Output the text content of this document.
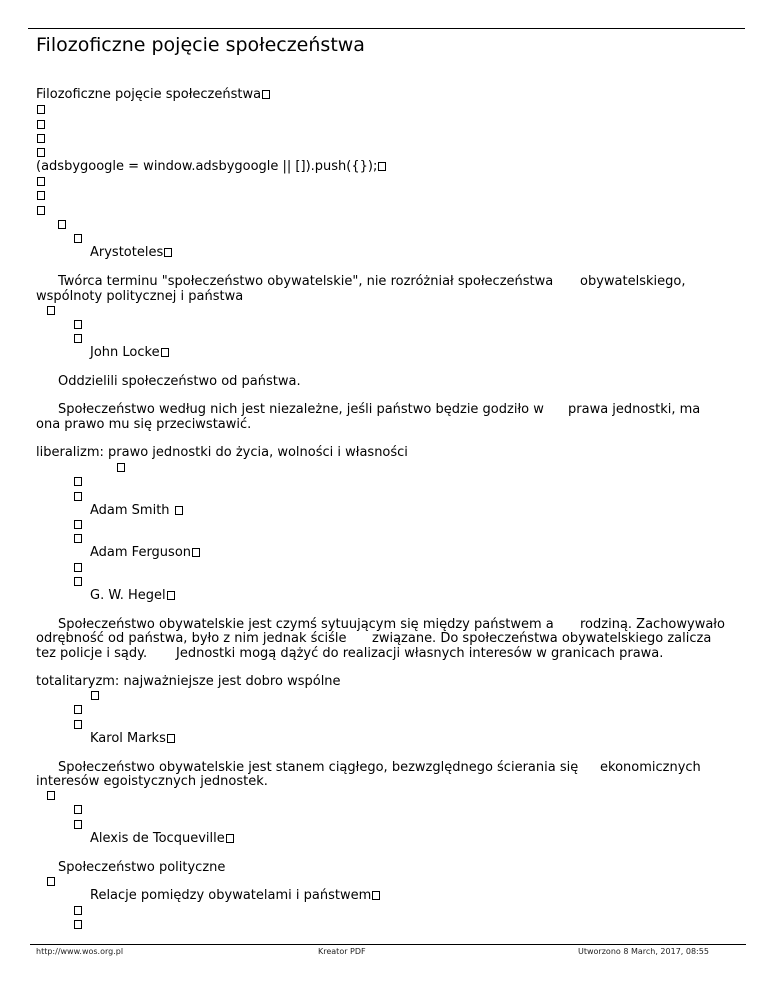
Filozoficzne pojęcie społeczeństwa
Filozoficzne pojęcie społeczeństwa
(adsbygoogle = window.adsbygoogle || []).push({});
Arystoteles
Twórca terminu "społeczeństwo obywatelskie", nie rozróżniał społeczeństwa obywatelskiego,
wspólnoty politycznej i państwa
John Locke
Oddzielili społeczeństwo od państwa.
Społeczeństwo według nich jest niezależne, jeśli państwo będzie godziło w prawa jednostki, ma
ona prawo mu się przeciwstawić.
liberalizm: prawo jednostki do życia, wolności i własności
Adam Smith
Adam Ferguson
G. W. Hegel
Społeczeństwo obywatelskie jest czymś sytuującym się między państwem a rodziną. Zachowywało
odrębność od państwa, było z nim jednak ściśle związane. Do społeczeństwa obywatelskiego zalicza
tez policje i sądy. Jednostki mogą dążyć do realizacji własnych interesów w granicach prawa.
totalitaryzm: najważniejsze jest dobro wspólne
Karol Marks
Społeczeństwo obywatelskie jest stanem ciągłego, bezwzględnego ścierania się ekonomicznych
interesów egoistycznych jednostek.
Alexis de Tocqueville
Społeczeństwo polityczne
Relacje pomiędzy obywatelami i państwem
http://www.wos.org.pl	Kreator PDF	Utworzono 8 March, 2017, 08:55
